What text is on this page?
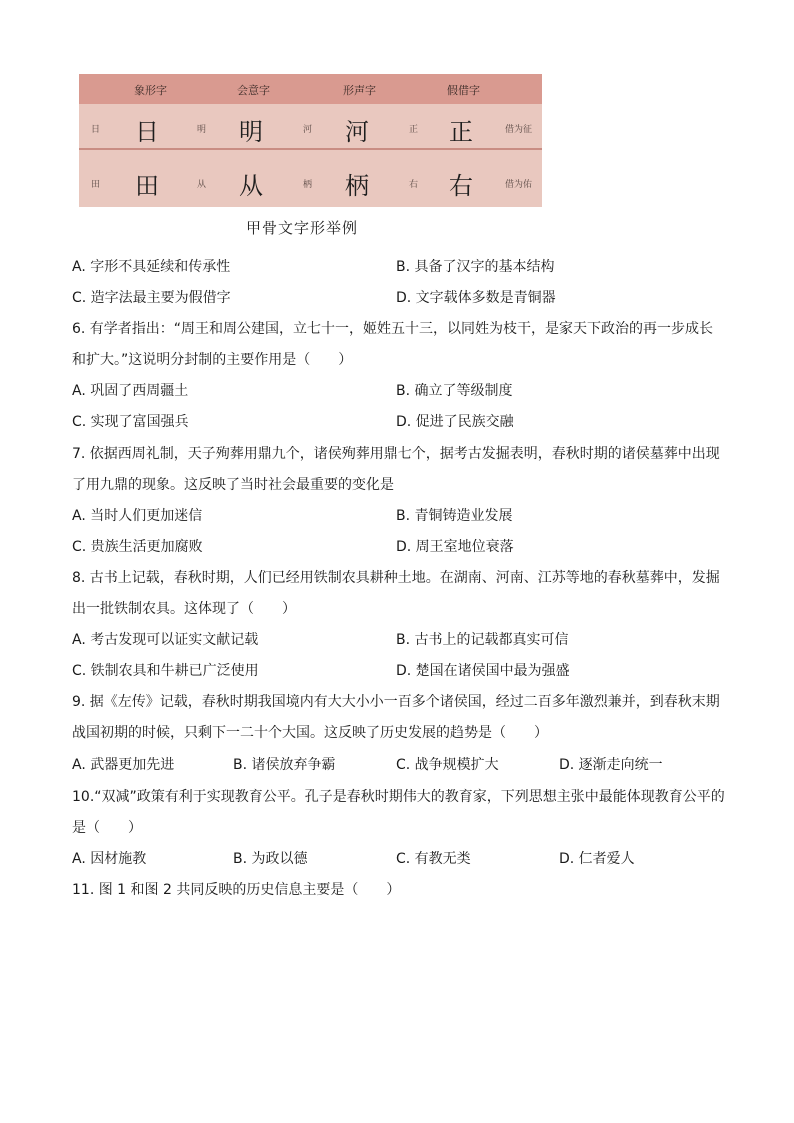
象形字	会意字	形声字	假借字
日 日	明 明	河 河	正 正	借为征
田 田	从 从	柄 柄	右 右	借为佑
甲骨文字形举例
A. 字形不具延续和传承性	B. 具备了汉字的基本结构
C. 造字法最主要为假借字	D. 文字载体多数是青铜器
6. 有学者指出：“周王和周公建国，立七十一，姬姓五十三，以同姓为枝干，是家天下政治的再一步成长
和扩大。”这说明分封制的主要作用是（　　）
A. 巩固了西周疆土	B. 确立了等级制度
C. 实现了富国强兵	D. 促进了民族交融
7. 依据西周礼制，天子殉葬用鼎九个，诸侯殉葬用鼎七个，据考古发掘表明，春秋时期的诸侯墓葬中出现
了用九鼎的现象。这反映了当时社会最重要的变化是
A. 当时人们更加迷信	B. 青铜铸造业发展
C. 贵族生活更加腐败	D. 周王室地位衰落
8. 古书上记载，春秋时期，人们已经用铁制农具耕种土地。在湖南、河南、江苏等地的春秋墓葬中，发掘
出一批铁制农具。这体现了（　　）
A. 考古发现可以证实文献记载	B. 古书上的记载都真实可信
C. 铁制农具和牛耕已广泛使用	D. 楚国在诸侯国中最为强盛
9. 据《左传》记载，春秋时期我国境内有大大小小一百多个诸侯国，经过二百多年激烈兼并，到春秋末期
战国初期的时候，只剩下一二十个大国。这反映了历史发展的趋势是（　　）
A. 武器更加先进	B. 诸侯放弃争霸	C. 战争规模扩大	D. 逐渐走向统一
10.“双减”政策有利于实现教育公平。孔子是春秋时期伟大的教育家，下列思想主张中最能体现教育公平的
是（　　）
A. 因材施教	B. 为政以德	C. 有教无类	D. 仁者爱人
11. 图 1 和图 2 共同反映的历史信息主要是（　　）
